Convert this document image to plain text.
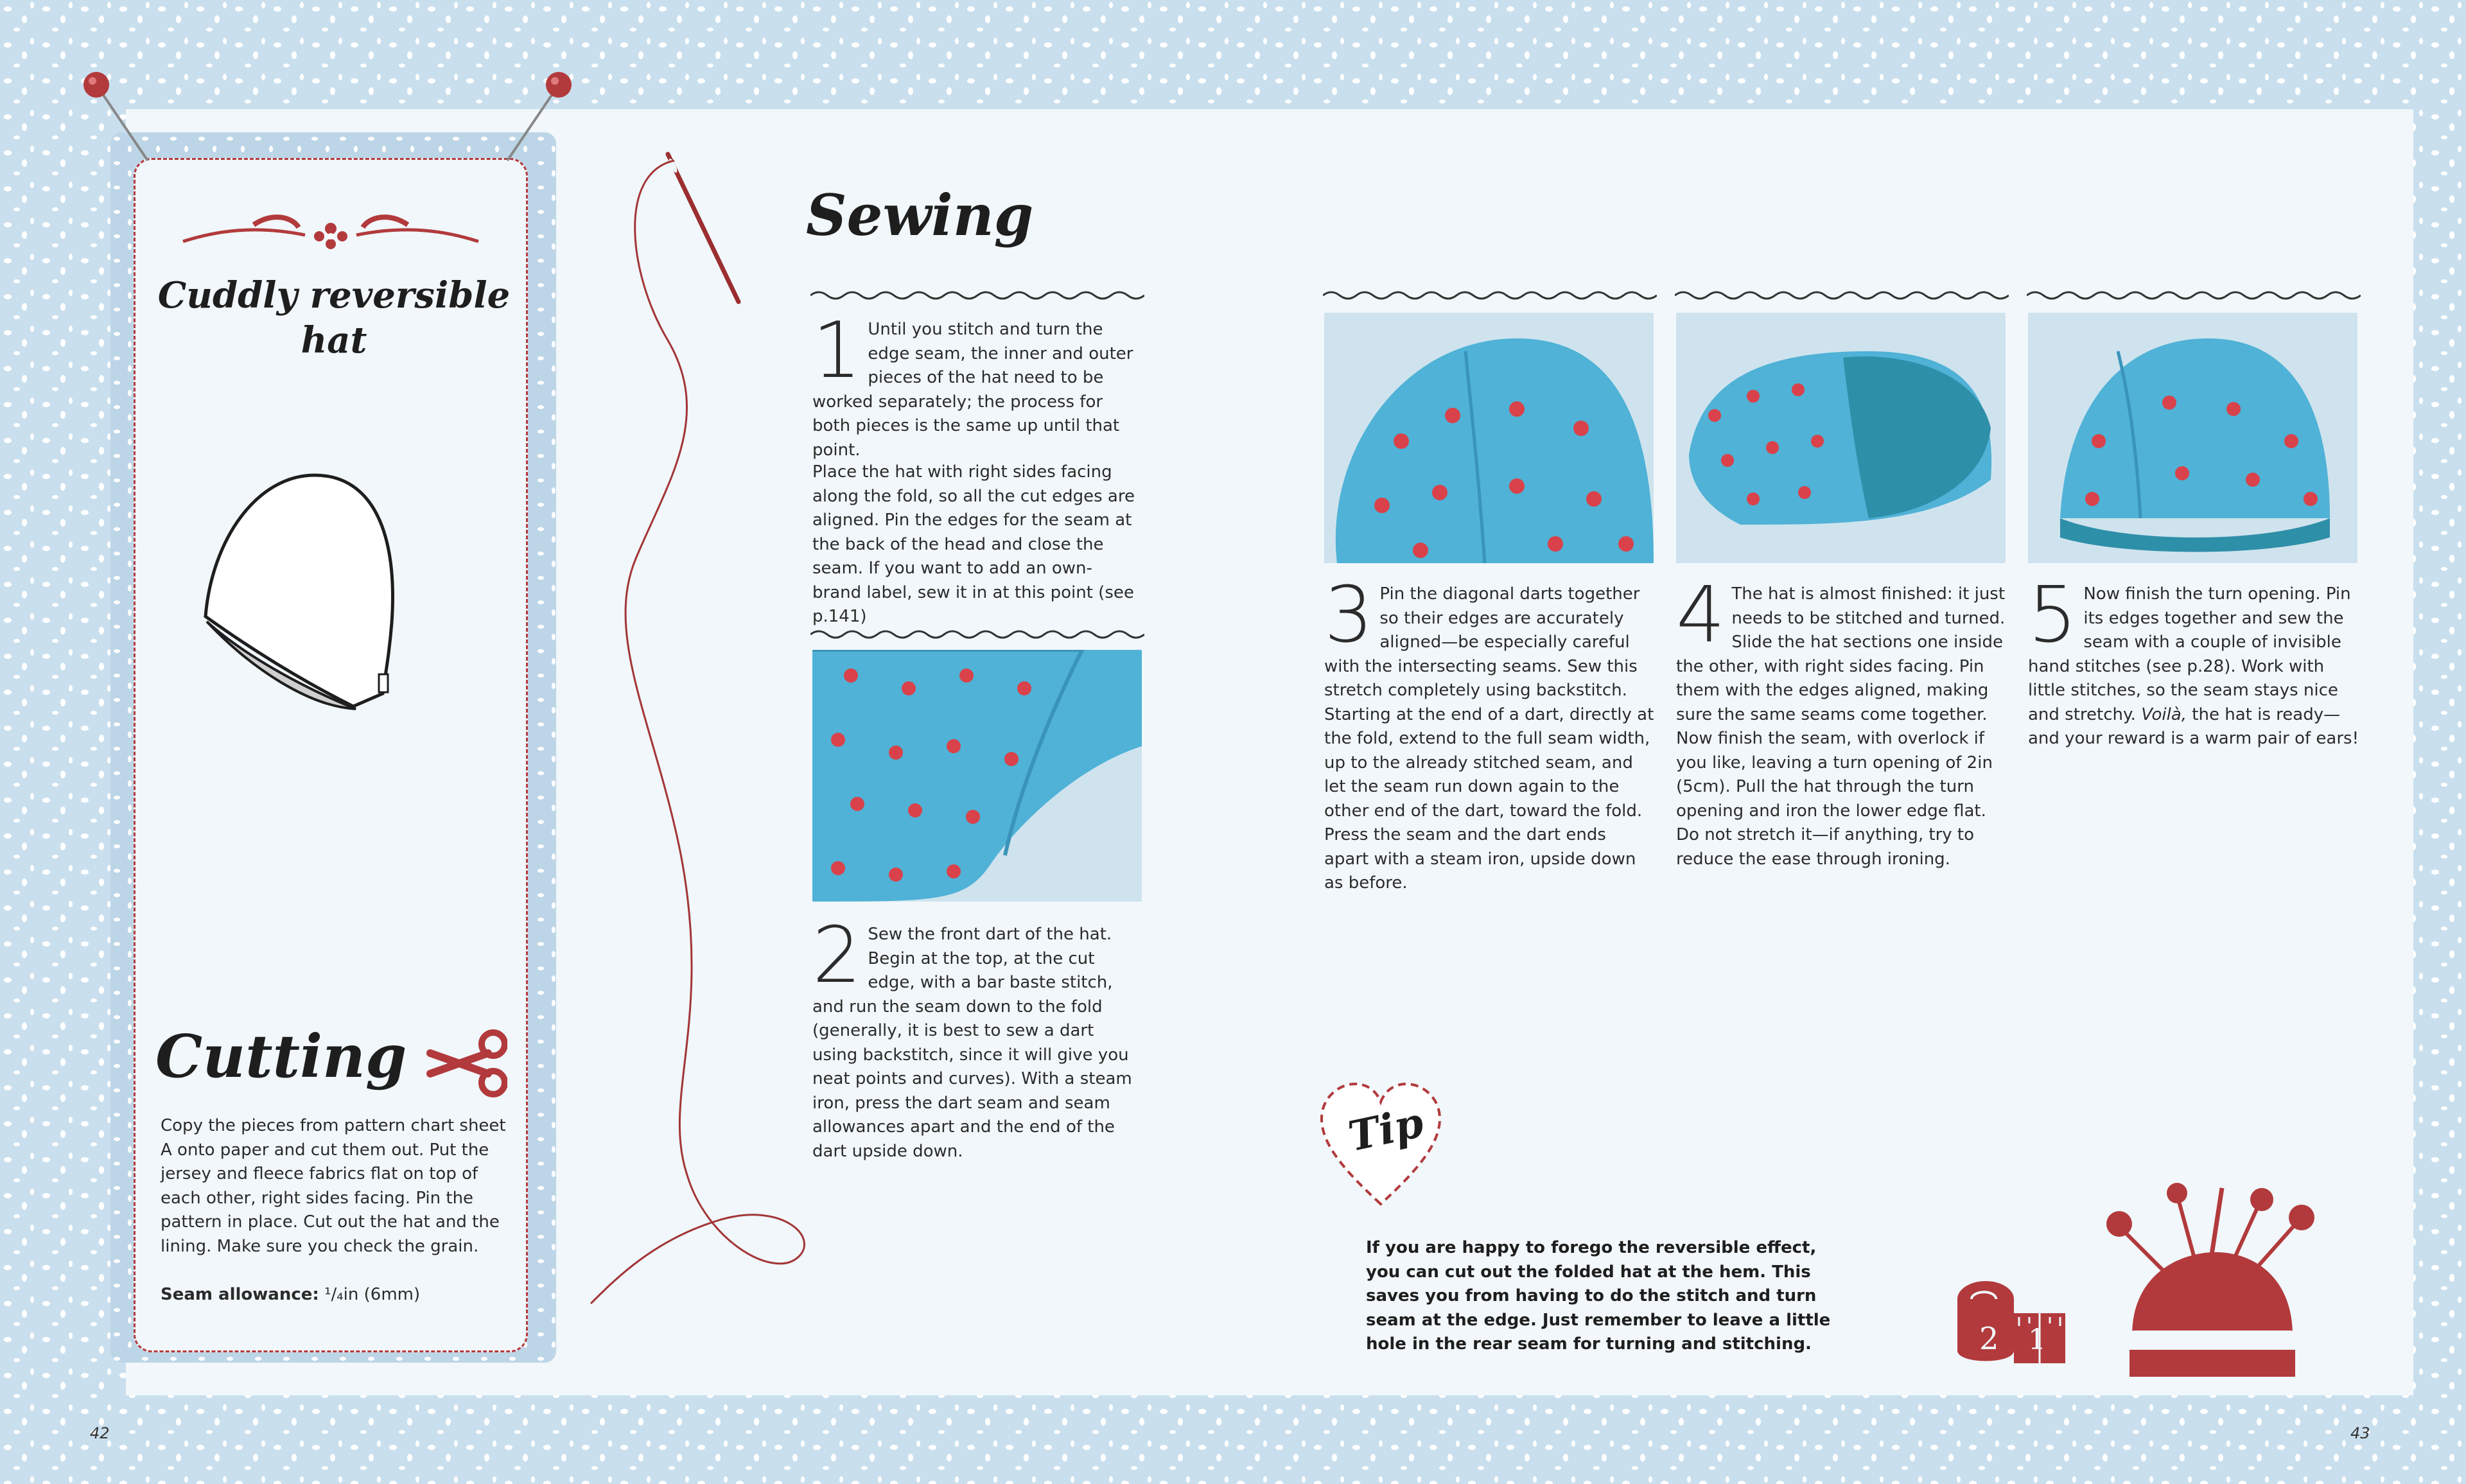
Cuddly reversible hat
Cutting
Copy the pieces from pattern chart sheet A onto paper and cut them out. Put the jersey and fleece fabrics flat on top of each other, right sides facing. Pin the pattern in place. Cut out the hat and the lining. Make sure you check the grain.
Seam allowance: ¹/₄in (6mm)
Sewing
1 Until you stitch and turn the edge seam, the inner and outer pieces of the hat need to be worked separately; the process for both pieces is the same up until that point.
Place the hat with right sides facing along the fold, so all the cut edges are aligned. Pin the edges for the seam at the back of the head and close the seam. If you want to add an own-brand label, sew it in at this point (see p.141)
2 Sew the front dart of the hat. Begin at the top, at the cut edge, with a bar baste stitch, and run the seam down to the fold (generally, it is best to sew a dart using backstitch, since it will give you neat points and curves). With a steam iron, press the dart seam and seam allowances apart and the end of the dart upside down.
3 Pin the diagonal darts together so their edges are accurately aligned—be especially careful with the intersecting seams. Sew this stretch completely using backstitch. Starting at the end of a dart, directly at the fold, extend to the full seam width, up to the already stitched seam, and let the seam run down again to the other end of the dart, toward the fold. Press the seam and the dart ends apart with a steam iron, upside down as before.
4 The hat is almost finished: it just needs to be stitched and turned. Slide the hat sections one inside the other, with right sides facing. Pin them with the edges aligned, making sure the same seams come together. Now finish the seam, with overlock if you like, leaving a turn opening of 2in (5cm). Pull the hat through the turn opening and iron the lower edge flat. Do not stretch it—if anything, try to reduce the ease through ironing.
5 Now finish the turn opening. Pin its edges together and sew the seam with a couple of invisible hand stitches (see p.28). Work with little stitches, so the seam stays nice and stretchy. Voilà, the hat is ready—and your reward is a warm pair of ears!
Tip
If you are happy to forego the reversible effect, you can cut out the folded hat at the hem. This saves you from having to do the stitch and turn seam at the edge. Just remember to leave a little hole in the rear seam for turning and stitching.	2 1
42	43
